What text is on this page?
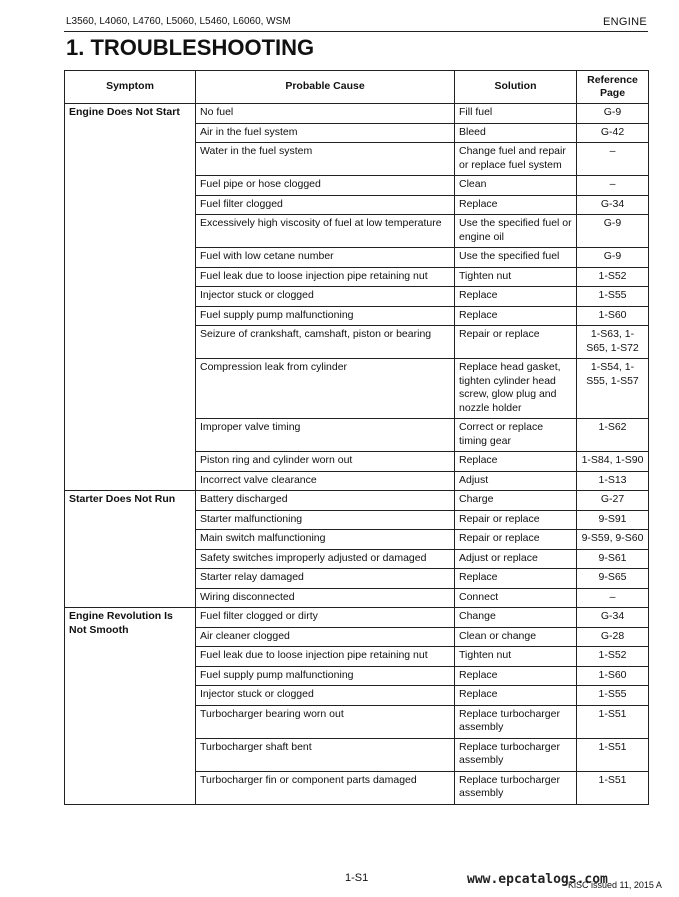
L3560, L4060, L4760, L5060, L5460, L6060, WSM	ENGINE
1. TROUBLESHOOTING
Symptom	Probable Cause	Solution	Reference Page
Engine Does Not Start	No fuel	Fill fuel	G-9
	Air in the fuel system	Bleed	G-42
	Water in the fuel system	Change fuel and repair or replace fuel system	–
	Fuel pipe or hose clogged	Clean	–
	Fuel filter clogged	Replace	G-34
	Excessively high viscosity of fuel at low temperature	Use the specified fuel or engine oil	G-9
	Fuel with low cetane number	Use the specified fuel	G-9
	Fuel leak due to loose injection pipe retaining nut	Tighten nut	1-S52
	Injector stuck or clogged	Replace	1-S55
	Fuel supply pump malfunctioning	Replace	1-S60
	Seizure of crankshaft, camshaft, piston or bearing	Repair or replace	1-S63, 1-S65, 1-S72
	Compression leak from cylinder	Replace head gasket, tighten cylinder head screw, glow plug and nozzle holder	1-S54, 1-S55, 1-S57
	Improper valve timing	Correct or replace timing gear	1-S62
	Piston ring and cylinder worn out	Replace	1-S84, 1-S90
	Incorrect valve clearance	Adjust	1-S13
Starter Does Not Run	Battery discharged	Charge	G-27
	Starter malfunctioning	Repair or replace	9-S91
	Main switch malfunctioning	Repair or replace	9-S59, 9-S60
	Safety switches improperly adjusted or damaged	Adjust or replace	9-S61
	Starter relay damaged	Replace	9-S65
	Wiring disconnected	Connect	–
Engine Revolution Is Not Smooth	Fuel filter clogged or dirty	Change	G-34
	Air cleaner clogged	Clean or change	G-28
	Fuel leak due to loose injection pipe retaining nut	Tighten nut	1-S52
	Fuel supply pump malfunctioning	Replace	1-S60
	Injector stuck or clogged	Replace	1-S55
	Turbocharger bearing worn out	Replace turbocharger assembly	1-S51
	Turbocharger shaft bent	Replace turbocharger assembly	1-S51
	Turbocharger fin or component parts damaged	Replace turbocharger assembly	1-S51
1-S1	www.epcatalogs.com
KiSC issued 11, 2015 A
